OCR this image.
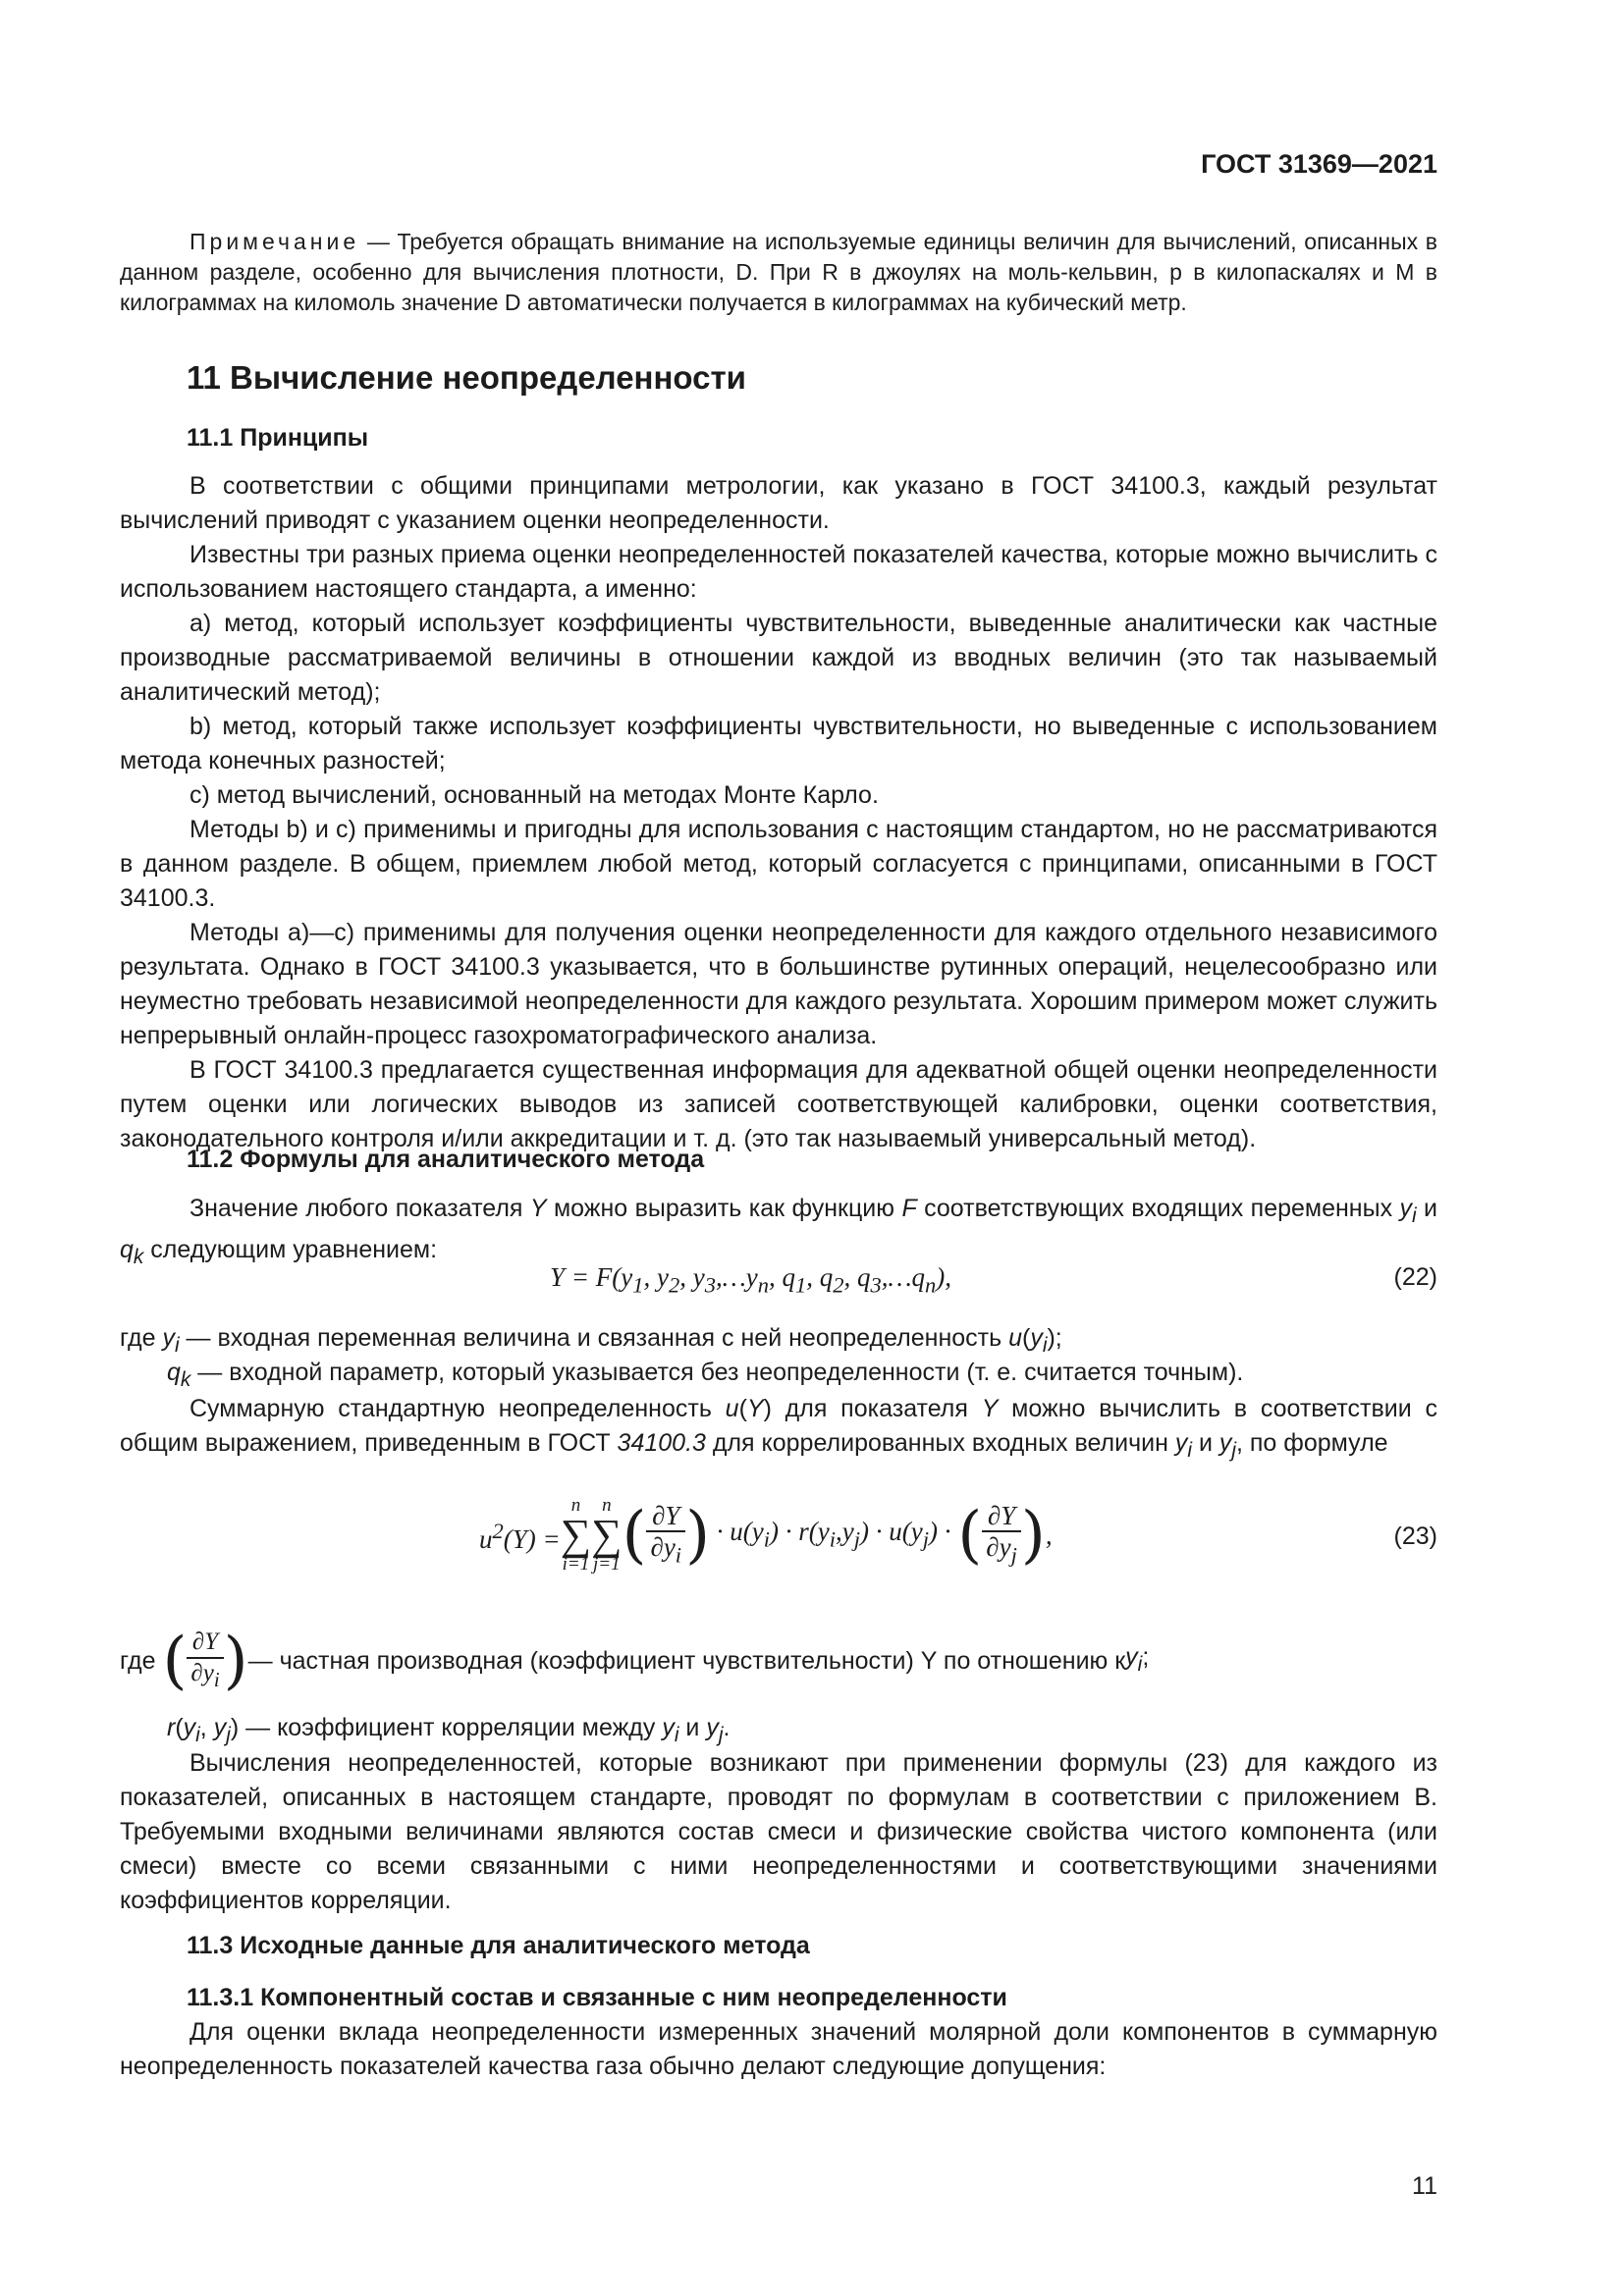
ГОСТ 31369—2021

Примечание — Требуется обращать внимание на используемые единицы величин для вычислений, описанных в данном разделе, особенно для вычисления плотности, D. При R в джоулях на моль-кельвин, p в килопаскалях и M в килограммах на киломоль значение D автоматически получается в килограммах на кубический метр.

11 Вычисление неопределенности
11.1 Принципы

В соответствии с общими принципами метрологии, как указано в ГОСТ 34100.3, каждый результат вычислений приводят с указанием оценки неопределенности.

Известны три разных приема оценки неопределенностей показателей качества, которые можно вычислить с использованием настоящего стандарта, а именно:

a) метод, который использует коэффициенты чувствительности, выведенные аналитически как частные производные рассматриваемой величины в отношении каждой из вводных величин (это так называемый аналитический метод);

b) метод, который также использует коэффициенты чувствительности, но выведенные с использованием метода конечных разностей;

c) метод вычислений, основанный на методах Монте Карло.

Методы b) и c) применимы и пригодны для использования с настоящим стандартом, но не рассматриваются в данном разделе. В общем, приемлем любой метод, который согласуется с принципами, описанными в ГОСТ 34100.3.

Методы a)—c) применимы для получения оценки неопределенности для каждого отдельного независимого результата. Однако в ГОСТ 34100.3 указывается, что в большинстве рутинных операций, нецелесообразно или неуместно требовать независимой неопределенности для каждого результата. Хорошим примером может служить непрерывный онлайн-процесс газохроматографического анализа.

В ГОСТ 34100.3 предлагается существенная информация для адекватной общей оценки неопределенности путем оценки или логических выводов из записей соответствующей калибровки, оценки соответствия, законодательного контроля и/или аккредитации и т. д. (это так называемый универсальный метод).

11.2 Формулы для аналитического метода

Значение любого показателя Y можно выразить как функцию F соответствующих входящих переменных $y_i$ и $q_k$ следующим уравнением:

$Y = F(y_1$, $y_2$, $y_3,\dots y_n$, $q_1$, $q_2$, $q_3,\dots q_n$),	(22)

где $y_i$ — входная переменная величина и связанная с ней неопределенность $u(y_i)$;

$q_k$ — входной параметр, который указывается без неопределенности (т. е. считается точным).

Суммарную стандартную неопределенность u(Y) для показателя Y можно вычислить в соответствии с общим выражением, приведенным в ГОСТ 34100.3 для коррелированных входных величин $y_i$ и $y_j$, по формуле

$u^2(Y)$ =
n
∑
i=1
n
∑
j=1 ( $\frac{\partial Y}{\partial y_i}$ ) · $u(y_i) \cdot r(y_i,y_j) \cdot u(y_j)$ · ( $\frac{\partial Y}{\partial y_j}$ ) ,	(23)
где ( $\frac{\partial Y}{\partial y_i}$ ) — частная производная (коэффициент чувствительности) Y по отношению к $y_i$;

$r(y_i$, $y_j$) — коэффициент корреляции между $y_i$ и $y_j$.

Вычисления неопределенностей, которые возникают при применении формулы (23) для каждого из показателей, описанных в настоящем стандарте, проводят по формулам в соответствии с приложением В. Требуемыми входными величинами являются состав смеси и физические свойства чистого компонента (или смеси) вместе со всеми связанными с ними неопределенностями и соответствующими значениями коэффициентов корреляции.

11.3 Исходные данные для аналитического метода
11.3.1 Компонентный состав и связанные с ним неопределенности

Для оценки вклада неопределенности измеренных значений молярной доли компонентов в суммарную неопределенность показателей качества газа обычно делают следующие допущения:

11
